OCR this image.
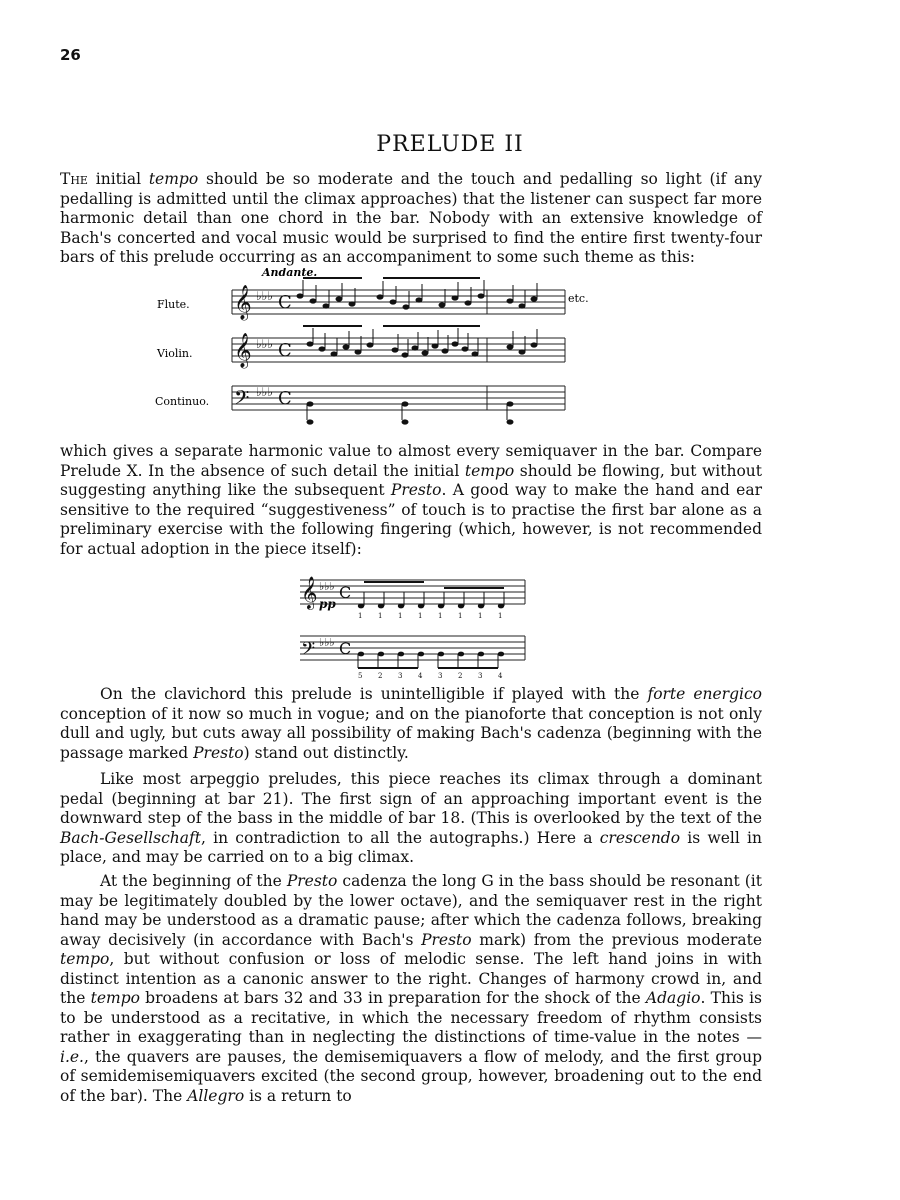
26
PRELUDE II

The initial tempo should be so moderate and the touch and pedalling so light (if any pedalling is admitted until the climax approaches) that the listener can suspect far more harmonic detail than one chord in the bar. Nobody with an extensive knowledge of Bach's concerted and vocal music would be surprised to find the entire first twenty-four bars of this prelude occurring as an accompaniment to some such theme as this:

Andante.
Flute.
Violin.
Continuo.
etc.
𝄞 ♭♭♭ C
𝄞 ♭♭♭ C
𝄢 ♭♭♭ C

which gives a separate harmonic value to almost every semiquaver in the bar. Compare Prelude X. In the absence of such detail the initial tempo should be flowing, but without suggesting anything like the subsequent Presto. A good way to make the hand and ear sensitive to the required “suggestiveness” of touch is to practise the first bar alone as a preliminary exercise with the following fingering (which, however, is not recommended for actual adoption in the piece itself):

pp
𝄞 ♭♭♭ C
𝄢 ♭♭♭ C
1 1 1 1 1 1 1 1
5 2 3 4 3 2 3 4

On the clavichord this prelude is unintelligible if played with the forte energico conception of it now so much in vogue; and on the pianoforte that conception is not only dull and ugly, but cuts away all possibility of making Bach's cadenza (beginning with the passage marked Presto) stand out distinctly.

Like most arpeggio preludes, this piece reaches its climax through a dominant pedal (beginning at bar 21). The first sign of an approaching important event is the downward step of the bass in the middle of bar 18. (This is overlooked by the text of the Bach-Gesellschaft, in contradiction to all the autographs.) Here a crescendo is well in place, and may be carried on to a big climax.

At the beginning of the Presto cadenza the long G in the bass should be resonant (it may be legitimately doubled by the lower octave), and the semiquaver rest in the right hand may be understood as a dramatic pause; after which the cadenza follows, breaking away decisively (in accordance with Bach's Presto mark) from the previous moderate tempo, but without confusion or loss of melodic sense. The left hand joins in with distinct intention as a canonic answer to the right. Changes of harmony crowd in, and the tempo broadens at bars 32 and 33 in preparation for the shock of the Adagio. This is to be understood as a recitative, in which the necessary freedom of rhythm consists rather in exaggerating than in neglecting the distinctions of time-value in the notes — i.e., the quavers are pauses, the demisemiquavers a flow of melody, and the first group of semidemisemiquavers excited (the second group, however, broadening out to the end of the bar). The Allegro is a return to
